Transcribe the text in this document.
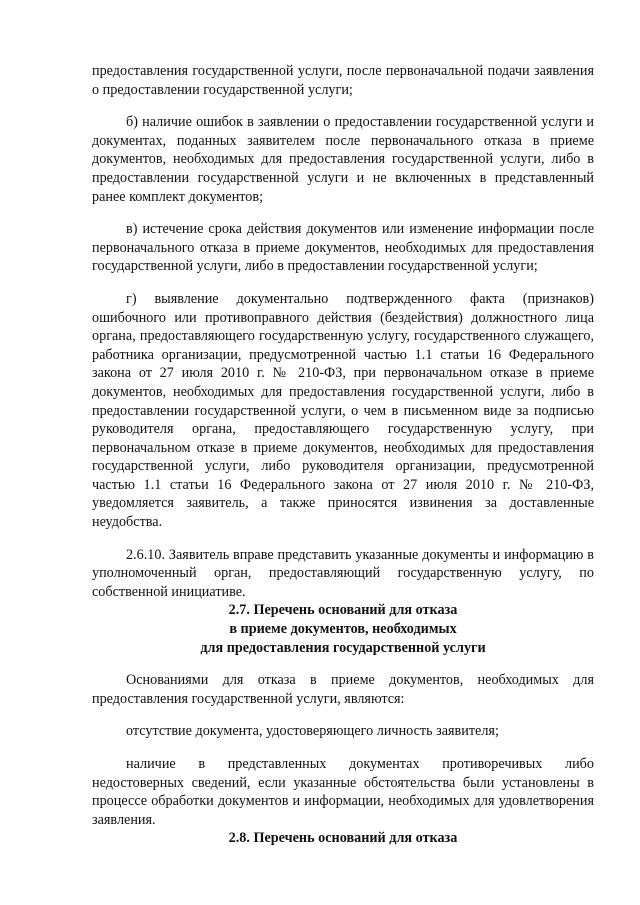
предоставления государственной услуги, после первоначальной подачи заявления о предоставлении государственной услуги;

б) наличие ошибок в заявлении о предоставлении государственной услуги и документах, поданных заявителем после первоначального отказа в приеме документов, необходимых для предоставления государственной услуги, либо в предоставлении государственной услуги и не включенных в представленный ранее комплект документов;

в) истечение срока действия документов или изменение информации после первоначального отказа в приеме документов, необходимых для предоставления государственной услуги, либо в предоставлении государственной услуги;

г) выявление документально подтвержденного факта (признаков) ошибочного или противоправного действия (бездействия) должностного лица органа, предоставляющего государственную услугу, государственного служащего, работника организации, предусмотренной частью 1.1 статьи 16 Федерального закона от 27 июля 2010 г. № 210-ФЗ, при первоначальном отказе в приеме документов, необходимых для предоставления государственной услуги, либо в предоставлении государственной услуги, о чем в письменном виде за подписью руководителя органа, предоставляющего государственную услугу, при первоначальном отказе в приеме документов, необходимых для предоставления государственной услуги, либо руководителя организации, предусмотренной частью 1.1 статьи 16 Федерального закона от 27 июля 2010 г. № 210-ФЗ, уведомляется заявитель, а также приносятся извинения за доставленные неудобства.

2.6.10. Заявитель вправе представить указанные документы и информацию в уполномоченный орган, предоставляющий государственную услугу, по собственной инициативе.

2.7. Перечень оснований для отказа
в приеме документов, необходимых
для предоставления государственной услуги

Основаниями для отказа в приеме документов, необходимых для предоставления государственной услуги, являются:

отсутствие документа, удостоверяющего личность заявителя;

наличие в представленных документах противоречивых либо недостоверных сведений, если указанные обстоятельства были установлены в процессе обработки документов и информации, необходимых для удовлетворения заявления.

2.8. Перечень оснований для отказа
